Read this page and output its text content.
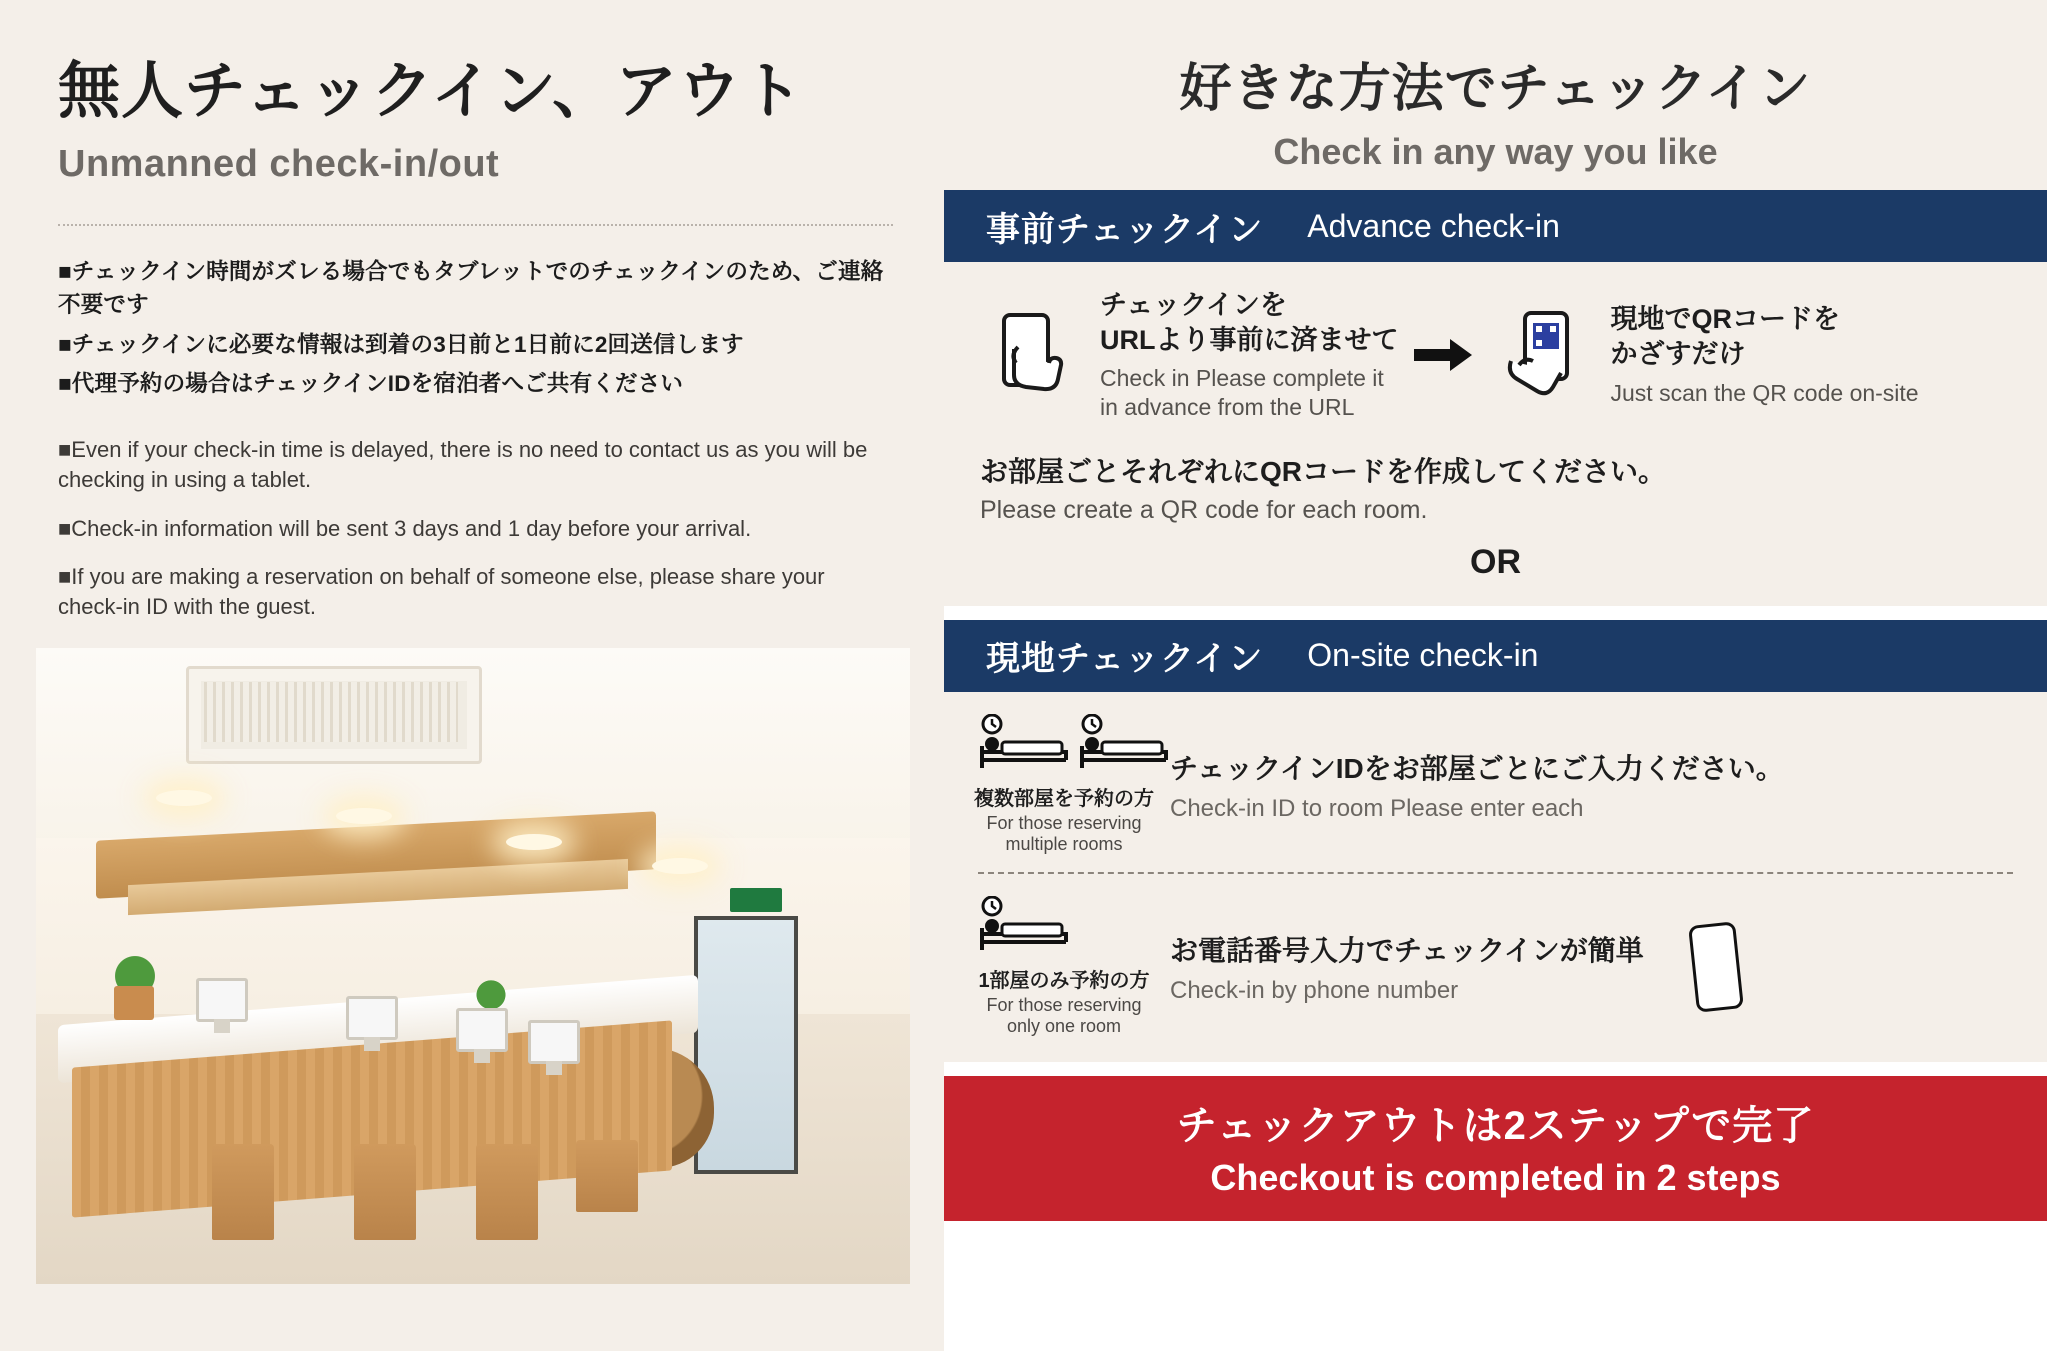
無人チェックイン、アウト
Unmanned check-in/out
■チェックイン時間がズレる場合でもタブレットでのチェックインのため、ご連絡不要です
■チェックインに必要な情報は到着の3日前と1日前に2回送信します
■代理予約の場合はチェックインIDを宿泊者へご共有ください
■Even if your check-in time is delayed, there is no need to contact us as you will be checking in using a tablet.
■Check-in information will be sent 3 days and 1 day before your arrival.
■If you are making a reservation on behalf of someone else, please share your check-in ID with the guest.
好きな方法でチェックイン
Check in any way you like
事前チェックイン Advance check-in
チェックインを
URLより事前に済ませて
Check in Please complete it
in advance from the URL
現地でQRコードを
かざすだけ
Just scan the QR code on-site
お部屋ごとそれぞれにQRコードを作成してください。
Please create a QR code for each room.
OR
現地チェックイン On-site check-in
複数部屋を予約の方
For those reserving
multiple rooms
チェックインIDをお部屋ごとにご入力ください。
Check-in ID to room Please enter each
1部屋のみ予約の方
For those reserving
only one room
お電話番号入力でチェックインが簡単
Check-in by phone number
チェックアウトは2ステップで完了
Checkout is completed in 2 steps
